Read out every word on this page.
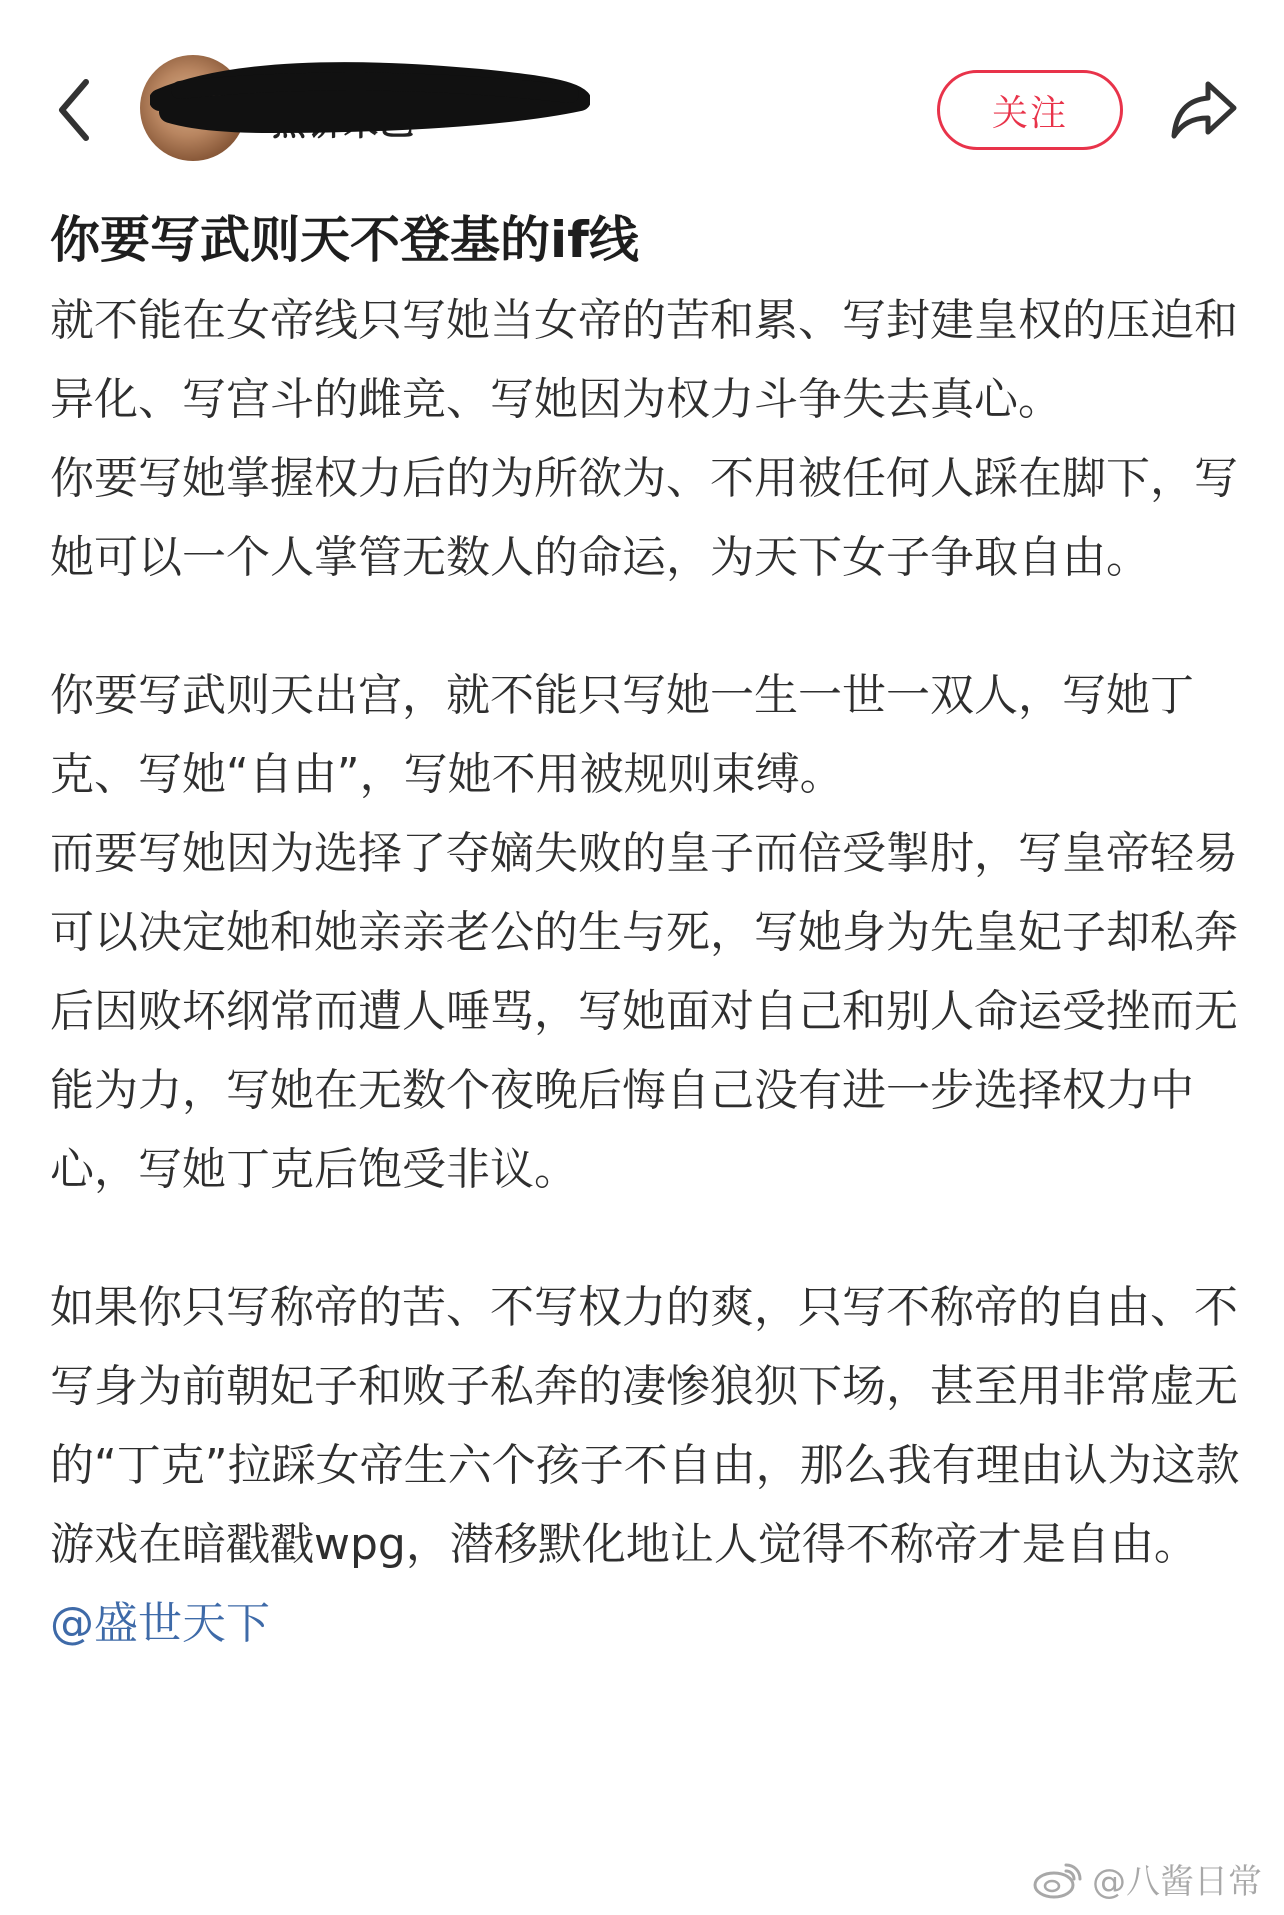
蕉饼米乙	关注
你要写武则天不登基的if线

就不能在女帝线只写她当女帝的苦和累、写封建皇权的压迫和异化、写宫斗的雌竞、写她因为权力斗争失去真心。

你要写她掌握权力后的为所欲为、不用被任何人踩在脚下，写她可以一个人掌管无数人的命运，为天下女子争取自由。

你要写武则天出宫，就不能只写她一生一世一双人，写她丁克、写她“自由”，写她不用被规则束缚。

而要写她因为选择了夺嫡失败的皇子而倍受掣肘，写皇帝轻易可以决定她和她亲亲老公的生与死，写她身为先皇妃子却私奔后因败坏纲常而遭人唾骂，写她面对自己和别人命运受挫而无能为力，写她在无数个夜晚后悔自己没有进一步选择权力中心，写她丁克后饱受非议。

如果你只写称帝的苦、不写权力的爽，只写不称帝的自由、不写身为前朝妃子和败子私奔的凄惨狼狈下场，甚至用非常虚无的“丁克”拉踩女帝生六个孩子不自由，那么我有理由认为这款游戏在暗戳戳wpg，潜移默化地让人觉得不称帝才是自由。@盛世天下

@八酱日常
